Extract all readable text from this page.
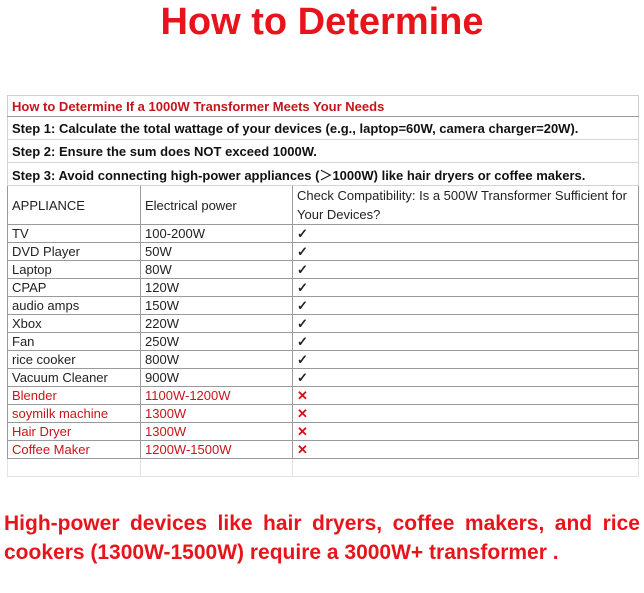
How to Determine
How to Determine If a 1000W Transformer Meets Your Needs		
Step 1: Calculate the total wattage of your devices (e.g., laptop=60W, camera charger=20W).		
Step 2: Ensure the sum does NOT exceed 1000W.		
Step 3: Avoid connecting high-power appliances (＞1000W) like hair dryers or coffee makers.		
APPLIANCE	Electrical power	Check Compatibility: Is a 500W Transformer Sufficient for Your Devices?
TV	100-200W	✓
DVD Player	50W	✓
Laptop	80W	✓
CPAP	120W	✓
audio amps	150W	✓
Xbox	220W	✓
Fan	250W	✓
rice cooker	800W	✓
Vacuum Cleaner	900W	✓
Blender	1100W-1200W	✕
soymilk machine	1300W	✕
Hair Dryer	1300W	✕
Coffee Maker	1200W-1500W	✕

High-power devices like hair dryers, coffee makers, and rice cookers (1300W-1500W) require a 3000W+ transformer .
